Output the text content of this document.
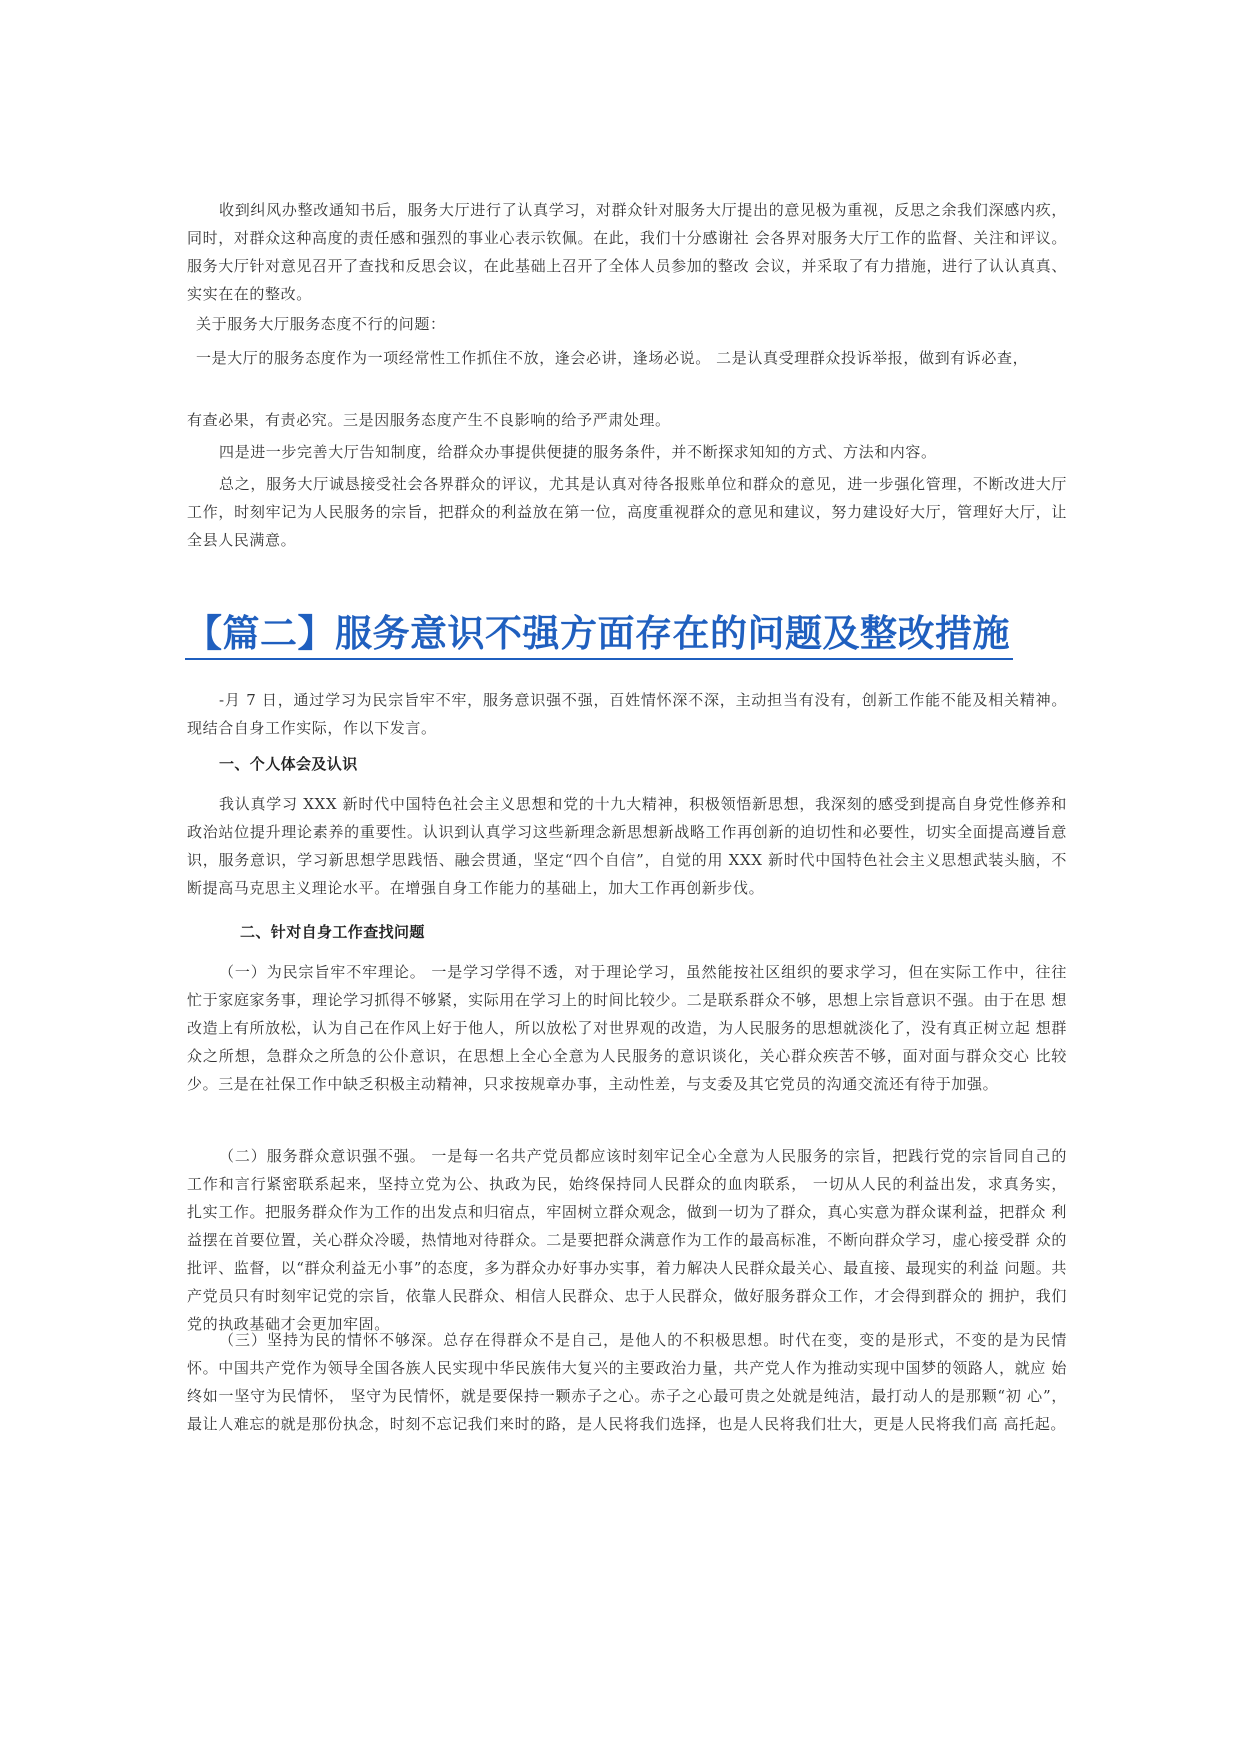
收到纠风办整改通知书后，服务大厅进行了认真学习，对群众针对服务大厅提出的意见极为重视，反思之余我们深感内疚，同时，对群众这种高度的责任感和强烈的事业心表示钦佩。在此，我们十分感谢社 会各界对服务大厅工作的监督、关注和评议。 服务大厅针对意见召开了查找和反思会议，在此基础上召开了全体人员参加的整改 会议，并采取了有力措施，进行了认认真真、 实实在在的整改。

关于服务大厅服务态度不行的问题：

一是大厅的服务态度作为一项经常性工作抓住不放，逢会必讲，逢场必说。 二是认真受理群众投诉举报，做到有诉必查，

有查必果，有责必究。三是因服务态度产生不良影响的给予严肃处理。
四是进一步完善大厅告知制度，给群众办事提供便捷的服务条件，并不断探求知知的方式、方法和内容。

总之，服务大厅诚恳接受社会各界群众的评议，尤其是认真对待各报账单位和群众的意见，进一步强化管理，不断改进大厅工作，时刻牢记为人民服务的宗旨，把群众的利益放在第一位，高度重视群众的意见和建议，努力建设好大厅，管理好大厅，让全县人民满意。

【篇二】服务意识不强方面存在的问题及整改措施

-月 7 日，通过学习为民宗旨牢不牢，服务意识强不强，百姓情怀深不深，主动担当有没有，创新工作能不能及相关精神。 现结合自身工作实际，作以下发言。

一、个人体会及认识

我认真学习 XXX 新时代中国特色社会主义思想和党的十九大精神，积极领悟新思想，我深刻的感受到提高自身党性修养和政治站位提升理论素养的重要性。认识到认真学习这些新理念新思想新战略工作再创新的迫切性和必要性，切实全面提高遵旨意识，服务意识，学习新思想学思践悟、融会贯通，坚定“四个自信”，自觉的用 XXX 新时代中国特色社会主义思想武装头脑，不断提高马克思主义理论水平。在增强自身工作能力的基础上，加大工作再创新步伐。

二、针对自身工作查找问题

（一）为民宗旨牢不牢理论。 一是学习学得不透，对于理论学习，虽然能按社区组织的要求学习，但在实际工作中，往往 忙于家庭家务事，理论学习抓得不够紧，实际用在学习上的时间比较少。二是联系群众不够，思想上宗旨意识不强。由于在思 想改造上有所放松，认为自己在作风上好于他人，所以放松了对世界观的改造，为人民服务的思想就淡化了，没有真正树立起 想群众之所想，急群众之所急的公仆意识，在思想上全心全意为人民服务的意识谈化，关心群众疾苦不够，面对面与群众交心 比较少。三是在社保工作中缺乏积极主动精神，只求按规章办事，主动性差，与支委及其它党员的沟通交流还有待于加强。

（二）服务群众意识强不强。 一是每一名共产党员都应该时刻牢记全心全意为人民服务的宗旨，把践行党的宗旨同自己的 工作和言行紧密联系起来，坚持立党为公、执政为民，始终保持同人民群众的血肉联系， 一切从人民的利益出发，求真务实， 扎实工作。把服务群众作为工作的出发点和归宿点，牢固树立群众观念，做到一切为了群众，真心实意为群众谋利益，把群众 利益摆在首要位置，关心群众冷暖，热情地对待群众。二是要把群众满意作为工作的最高标准，不断向群众学习，虚心接受群 众的批评、监督，以“群众利益无小事”的态度，多为群众办好事办实事，着力解决人民群众最关心、最直接、最现实的利益 问题。共产党员只有时刻牢记党的宗旨，依靠人民群众、相信人民群众、忠于人民群众，做好服务群众工作，才会得到群众的 拥护，我们党的执政基础才会更加牢固。

（三）坚持为民的情怀不够深。总存在得群众不是自己，是他人的不积极思想。时代在变，变的是形式，不变的是为民情 怀。中国共产党作为领导全国各族人民实现中华民族伟大复兴的主要政治力量，共产党人作为推动实现中国梦的领路人，就应 始终如一坚守为民情怀， 坚守为民情怀，就是要保持一颗赤子之心。赤子之心最可贵之处就是纯洁，最打动人的是那颗“初 心”，最让人难忘的就是那份执念，时刻不忘记我们来时的路，是人民将我们选择，也是人民将我们壮大，更是人民将我们高 高托起。
